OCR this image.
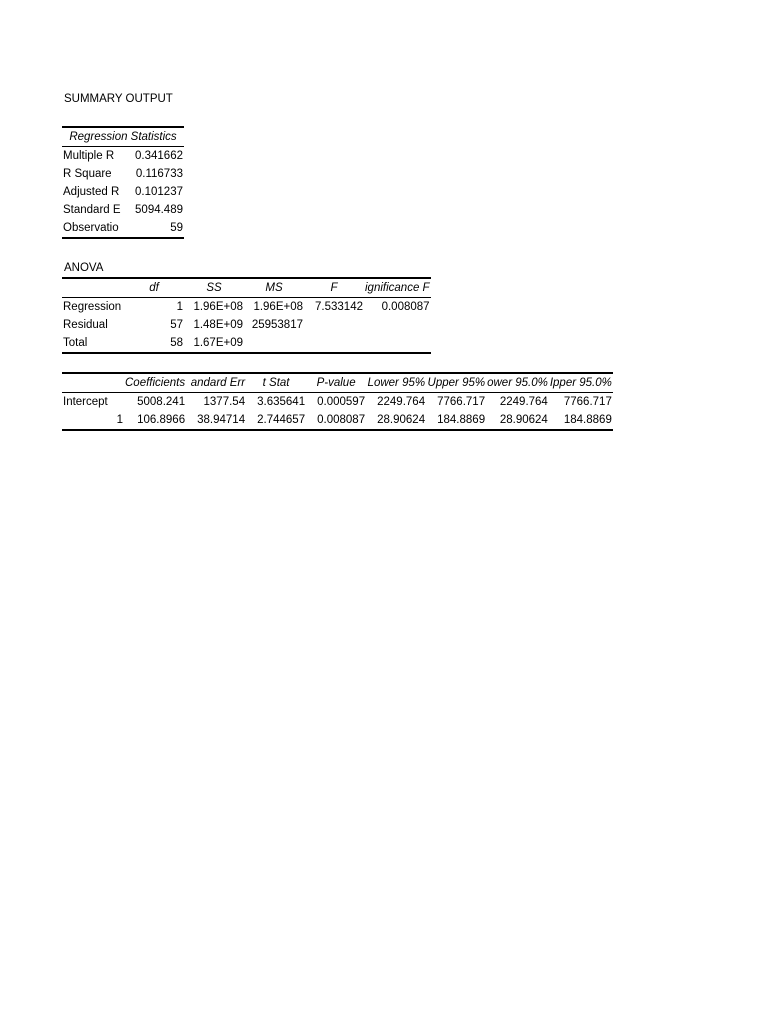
SUMMARY OUTPUT
Regression Statistics	
Multiple R	0.341662
R Square	0.116733
Adjusted R	0.101237
Standard E	5094.489
Observatio	59
ANOVA
	df	SS	MS	F	ignificance F
Regression	1	1.96E+08	1.96E+08	7.533142	0.008087
Residual	57	1.48E+09	25953817		
Total	58	1.67E+09			
	Coefficients	andard Err	t Stat	P-value	Lower 95%	Upper 95%	ower 95.0%	Ipper 95.0%
Intercept	5008.241	1377.54	3.635641	0.000597	2249.764	7766.717	2249.764	7766.717
1	106.8966	38.94714	2.744657	0.008087	28.90624	184.8869	28.90624	184.8869
